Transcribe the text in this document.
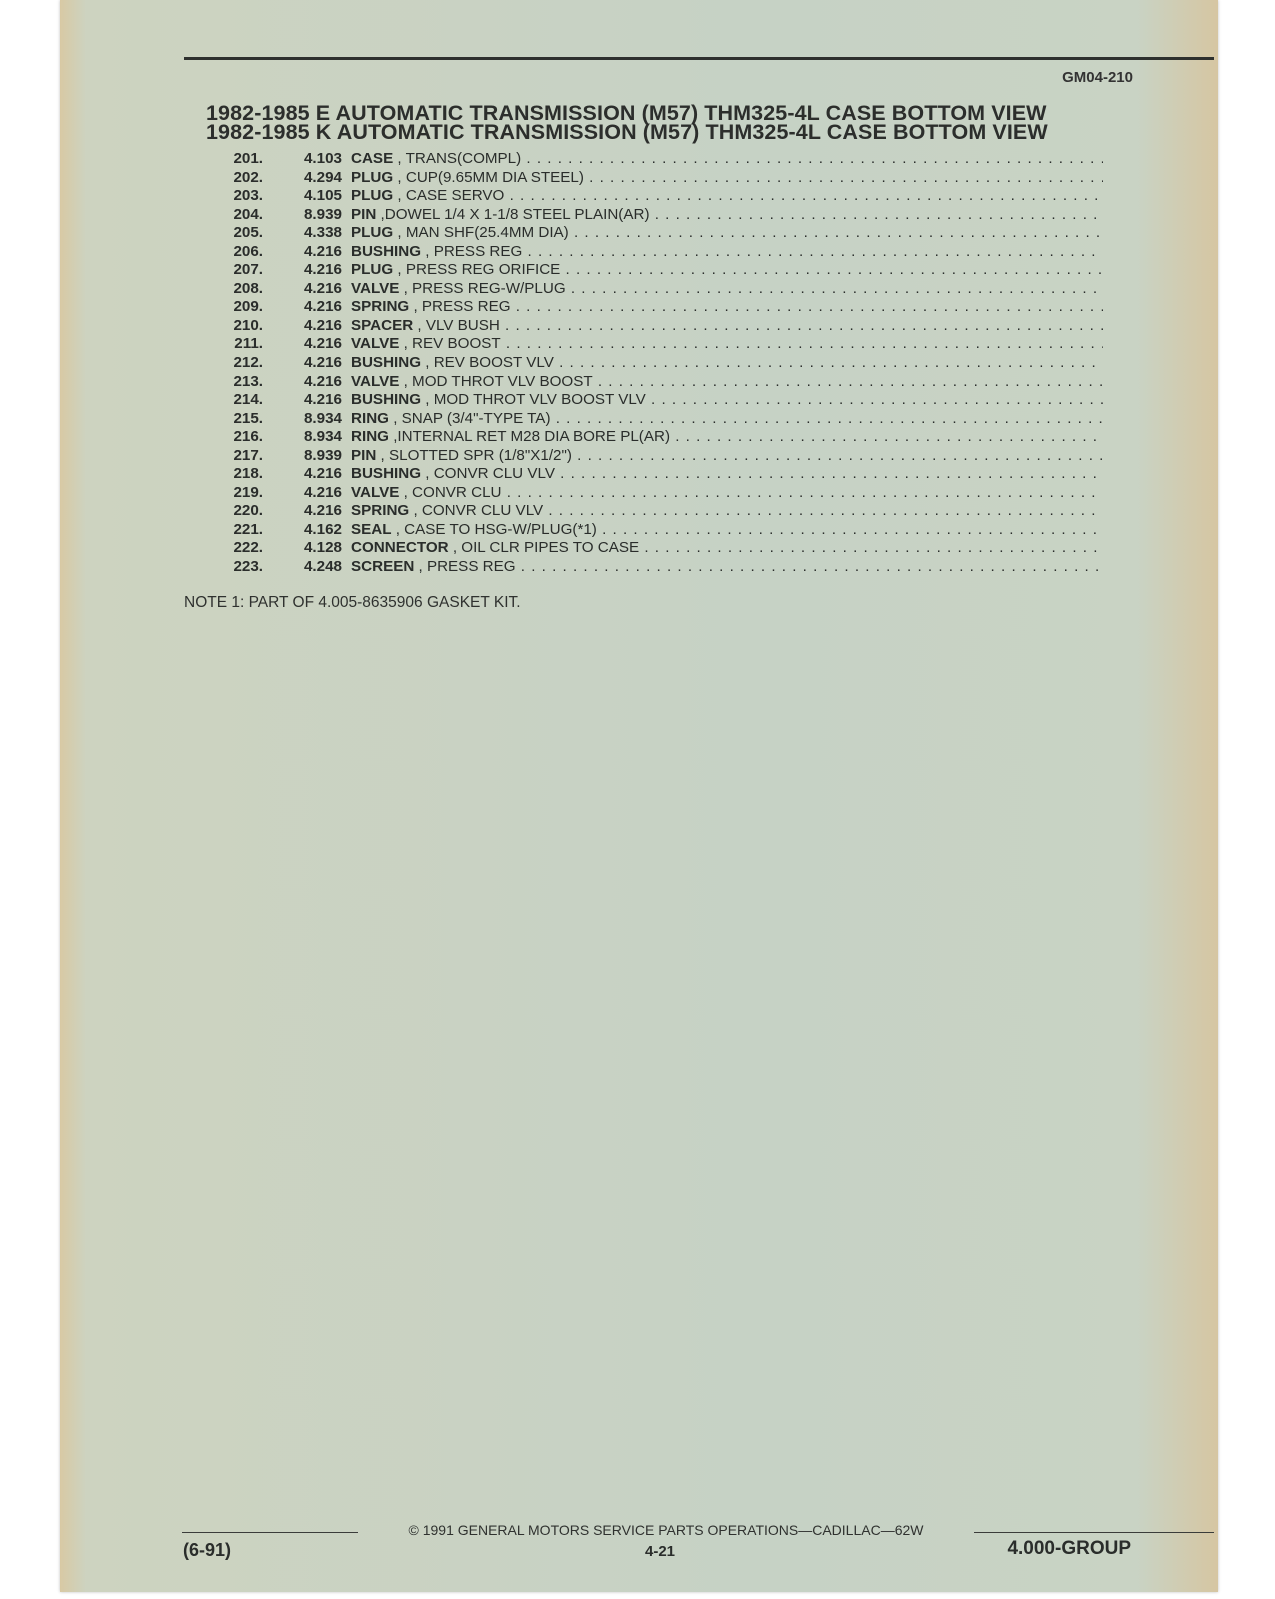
GM04-210
1982-1985 E AUTOMATIC TRANSMISSION (M57) THM325-4L CASE BOTTOM VIEW
1982-1985 K AUTOMATIC TRANSMISSION (M57) THM325-4L CASE BOTTOM VIEW
201.	4.103 CASE , TRANS(COMPL) . . .
202.	4.294 PLUG , CUP(9.65MM DIA STEEL) . . .
203.	4.105 PLUG , CASE SERVO . . .
204.	8.939 PIN ,DOWEL 1/4 X 1-1/8 STEEL PLAIN(AR) . . .
205.	4.338 PLUG , MAN SHF(25.4MM DIA) . . .
206.	4.216 BUSHING , PRESS REG . . .
207.	4.216 PLUG , PRESS REG ORIFICE . . .
208.	4.216 VALVE , PRESS REG-W/PLUG . . .
209.	4.216 SPRING , PRESS REG . . .
210.	4.216 SPACER , VLV BUSH . . .
211.	4.216 VALVE , REV BOOST . . .
212.	4.216 BUSHING , REV BOOST VLV . . .
213.	4.216 VALVE , MOD THROT VLV BOOST . . .
214.	4.216 BUSHING , MOD THROT VLV BOOST VLV . . .
215.	8.934 RING , SNAP (3/4"-TYPE TA) . . .
216.	8.934 RING ,INTERNAL RET M28 DIA BORE PL(AR) . . .
217.	8.939 PIN , SLOTTED SPR (1/8"X1/2") . . .
218.	4.216 BUSHING , CONVR CLU VLV . . .
219.	4.216 VALVE , CONVR CLU . . .
220.	4.216 SPRING , CONVR CLU VLV . . .
221.	4.162 SEAL , CASE TO HSG-W/PLUG(*1) . . .
222.	4.128 CONNECTOR , OIL CLR PIPES TO CASE . . .
223.	4.248 SCREEN , PRESS REG . . .
NOTE 1: PART OF 4.005-8635906 GASKET KIT.
© 1991 GENERAL MOTORS SERVICE PARTS OPERATIONS—CADILLAC—62W
(6-91)	4-21	4.000-GROUP
